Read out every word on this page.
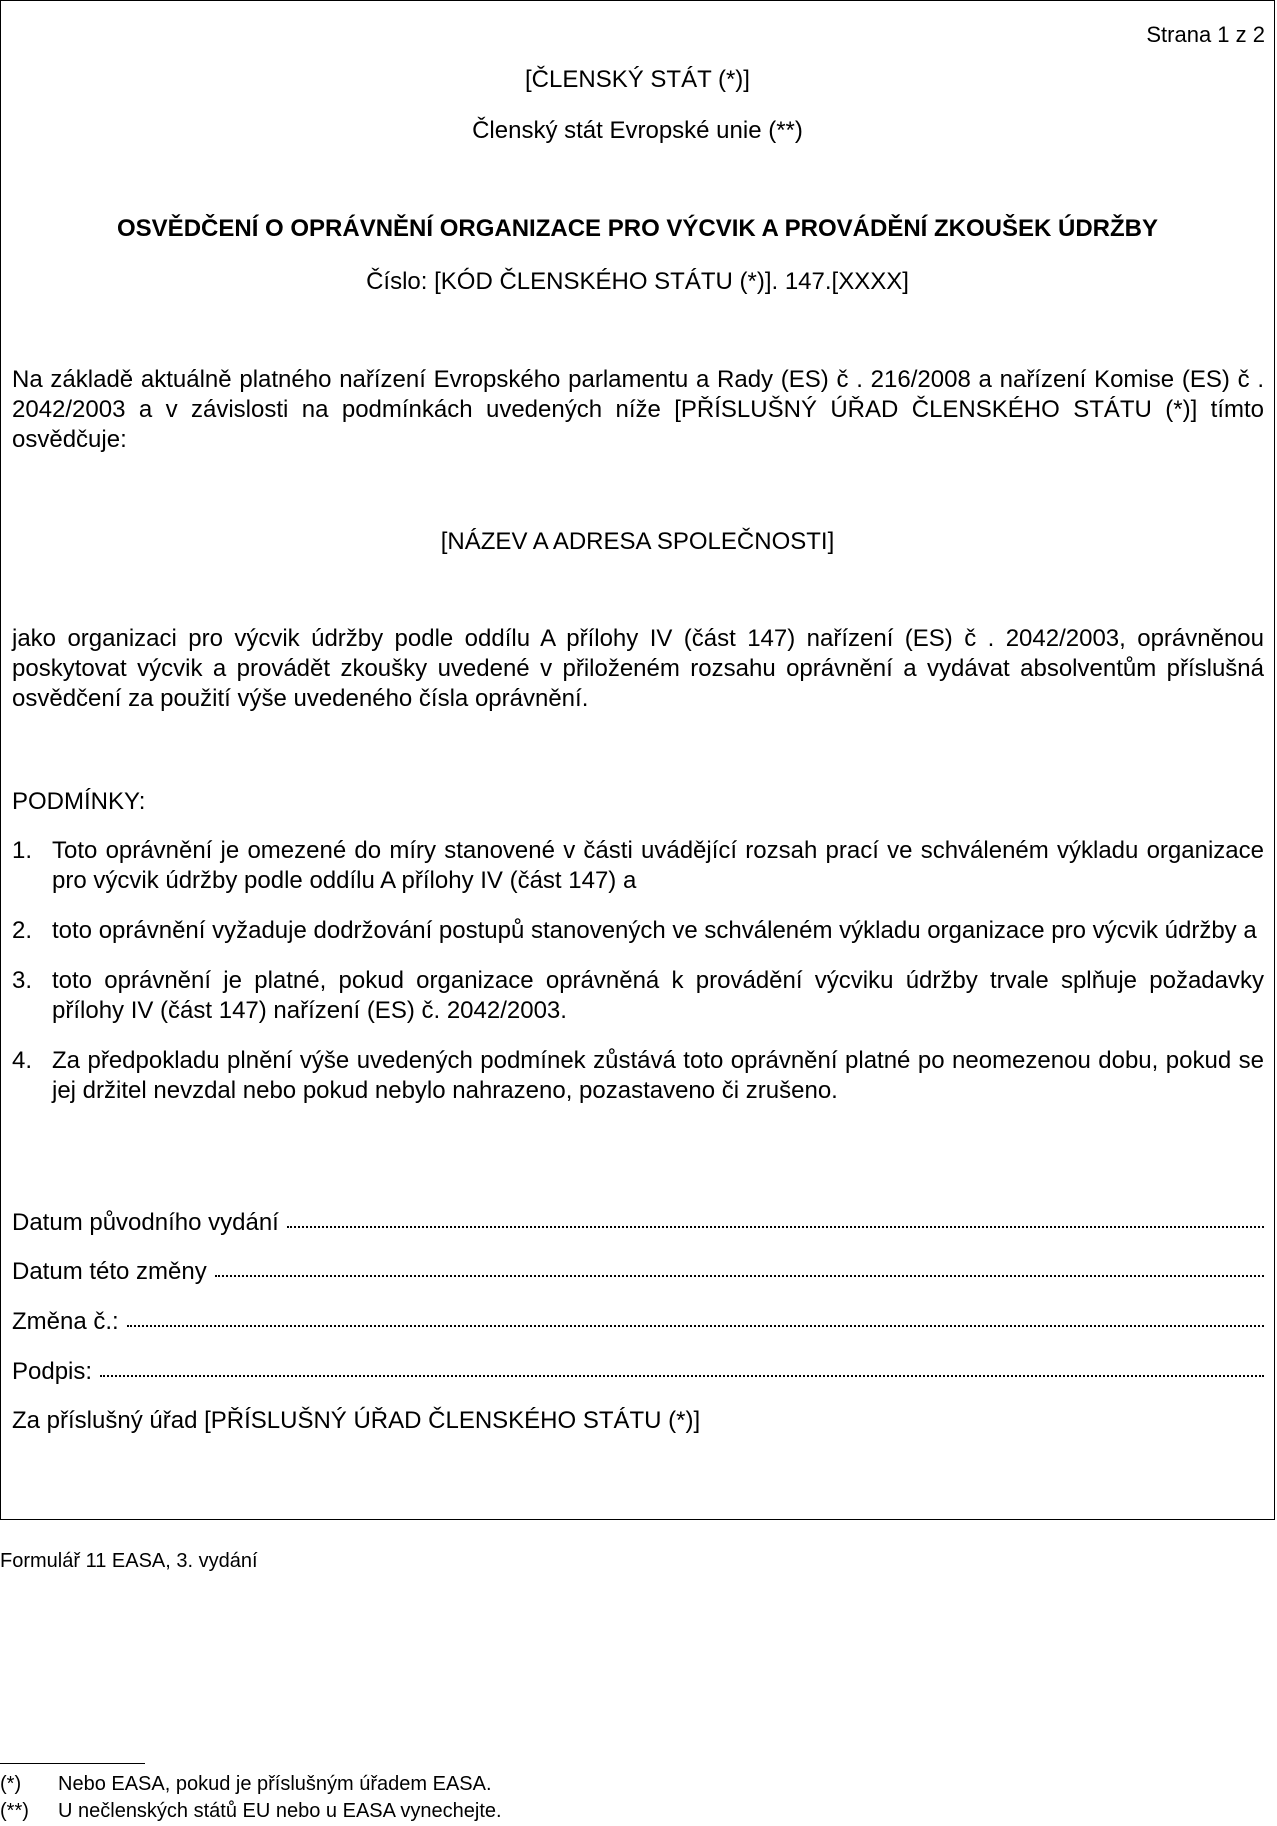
Strana 1 z 2
[ČLENSKÝ STÁT (*)]
Členský stát Evropské unie (**)
OSVĚDČENÍ O OPRÁVNĚNÍ ORGANIZACE PRO VÝCVIK A PROVÁDĚNÍ ZKOUŠEK ÚDRŽBY
Číslo: [KÓD ČLENSKÉHO STÁTU (*)]. 147.[XXXX]
Na základě aktuálně platného nařízení Evropského parlamentu a Rady (ES) č . 216/2008 a nařízení Komise (ES) č . 2042/2003 a v závislosti na podmínkách uvedených níže [PŘÍSLUŠNÝ ÚŘAD ČLENSKÉHO STÁTU (*)] tímto osvědčuje:
[NÁZEV A ADRESA SPOLEČNOSTI]
jako organizaci pro výcvik údržby podle oddílu A přílohy IV (část 147) nařízení (ES) č . 2042/2003, oprávněnou poskytovat výcvik a provádět zkoušky uvedené v přiloženém rozsahu oprávnění a vydávat absolventům příslušná osvědčení za použití výše uvedeného čísla oprávnění.
PODMÍNKY:
1. Toto oprávnění je omezené do míry stanovené v části uvádějící rozsah prací ve schváleném výkladu organizace pro výcvik údržby podle oddílu A přílohy IV (část 147) a
2. toto oprávnění vyžaduje dodržování postupů stanovených ve schváleném výkladu organizace pro výcvik údržby a
3. toto oprávnění je platné, pokud organizace oprávněná k provádění výcviku údržby trvale splňuje požadavky přílohy IV (část 147) nařízení (ES) č. 2042/2003.
4. Za předpokladu plnění výše uvedených podmínek zůstává toto oprávnění platné po neomezenou dobu, pokud se jej držitel nevzdal nebo pokud nebylo nahrazeno, pozastaveno či zrušeno.
Datum původního vydání
Datum této změny
Změna č.:
Podpis:
Za příslušný úřad [PŘÍSLUŠNÝ ÚŘAD ČLENSKÉHO STÁTU (*)]
Formulář 11 EASA, 3. vydání
(*)	Nebo EASA, pokud je příslušným úřadem EASA.
(**)	U nečlenských států EU nebo u EASA vynechejte.
